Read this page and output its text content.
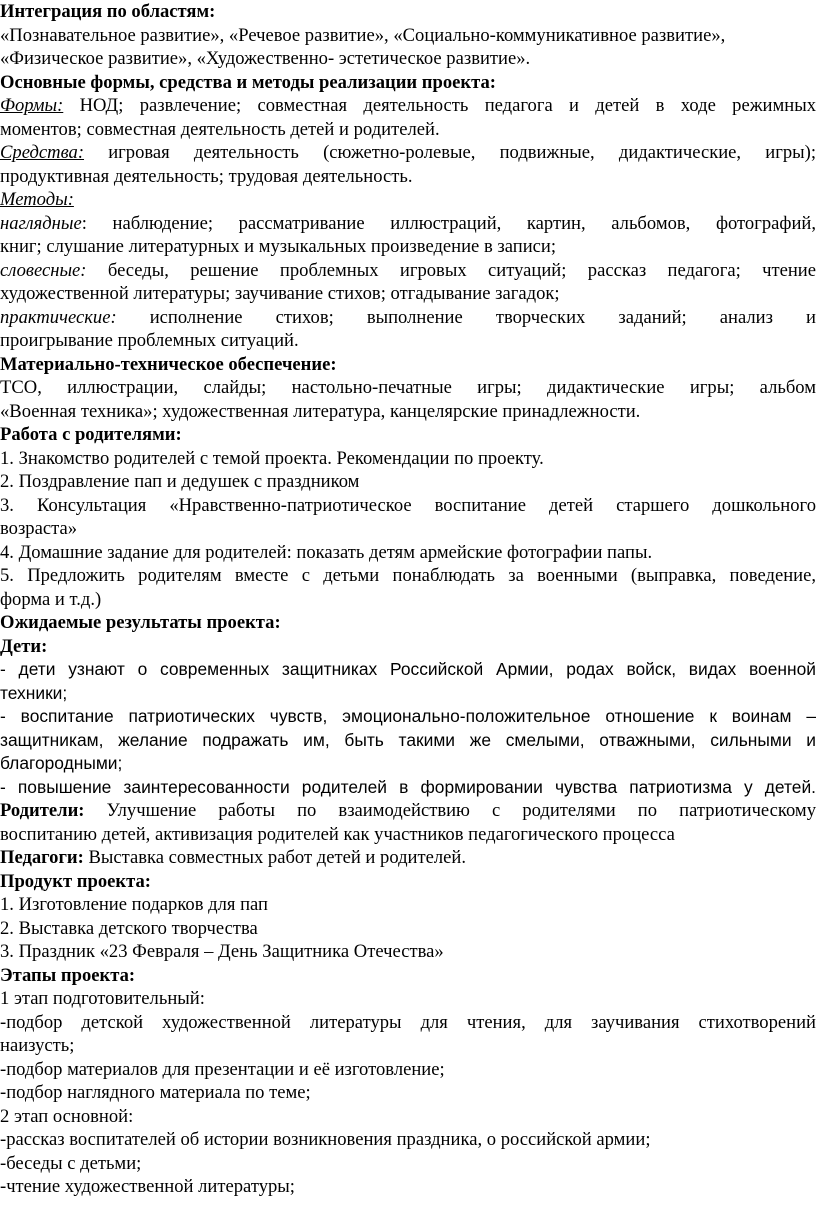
Интеграция по областям:
«Познавательное развитие», «Речевое развитие», «Социально-коммуникативное развитие»,
«Физическое развитие», «Художественно- эстетическое развитие».
Основные формы, средства и методы реализации проекта:
Формы: НОД; развлечение; совместная деятельность педагога и детей в ходе режимных
моментов; совместная деятельность детей и родителей.
Средства: игровая деятельность (сюжетно-ролевые, подвижные, дидактические, игры);
продуктивная деятельность; трудовая деятельность.
Методы:
наглядные: наблюдение; рассматривание иллюстраций, картин, альбомов, фотографий,
книг; слушание литературных и музыкальных произведение в записи;
словесные: беседы, решение проблемных игровых ситуаций; рассказ педагога; чтение
художественной литературы; заучивание стихов; отгадывание загадок;
практические: исполнение стихов; выполнение творческих заданий; анализ и
проигрывание проблемных ситуаций.
Материально-техническое обеспечение:
ТСО, иллюстрации, слайды; настольно-печатные игры; дидактические игры; альбом
«Военная техника»; художественная литература, канцелярские принадлежности.
Работа с родителями:
1. Знакомство родителей с темой проекта. Рекомендации по проекту.
2. Поздравление пап и дедушек с праздником
3. Консультация «Нравственно-патриотическое воспитание детей старшего дошкольного
возраста»
4. Домашние задание для родителей: показать детям армейские фотографии папы.
5. Предложить родителям вместе с детьми понаблюдать за военными (выправка, поведение,
форма и т.д.)
Ожидаемые результаты проекта:
Дети:
- дети узнают о современных защитниках Российской Армии, родах войск, видах военной
техники;
- воспитание патриотических чувств, эмоционально-положительное отношение к воинам –
защитникам, желание подражать им, быть такими же смелыми, отважными, сильными и
благородными;
- повышение заинтересованности родителей в формировании чувства патриотизма у детей.
Родители: Улучшение работы по взаимодействию с родителями по патриотическому
воспитанию детей, активизация родителей как участников педагогического процесса
Педагоги: Выставка совместных работ детей и родителей.
Продукт проекта:
1. Изготовление подарков для пап
2. Выставка детского творчества
3. Праздник «23 Февраля – День Защитника Отечества»
Этапы проекта:
1 этап подготовительный:
-подбор детской художественной литературы для чтения, для заучивания стихотворений
наизусть;
-подбор материалов для презентации и её изготовление;
-подбор наглядного материала по теме;
2 этап основной:
-рассказ воспитателей об истории возникновения праздника, о российской армии;
-беседы с детьми;
-чтение художественной литературы;
